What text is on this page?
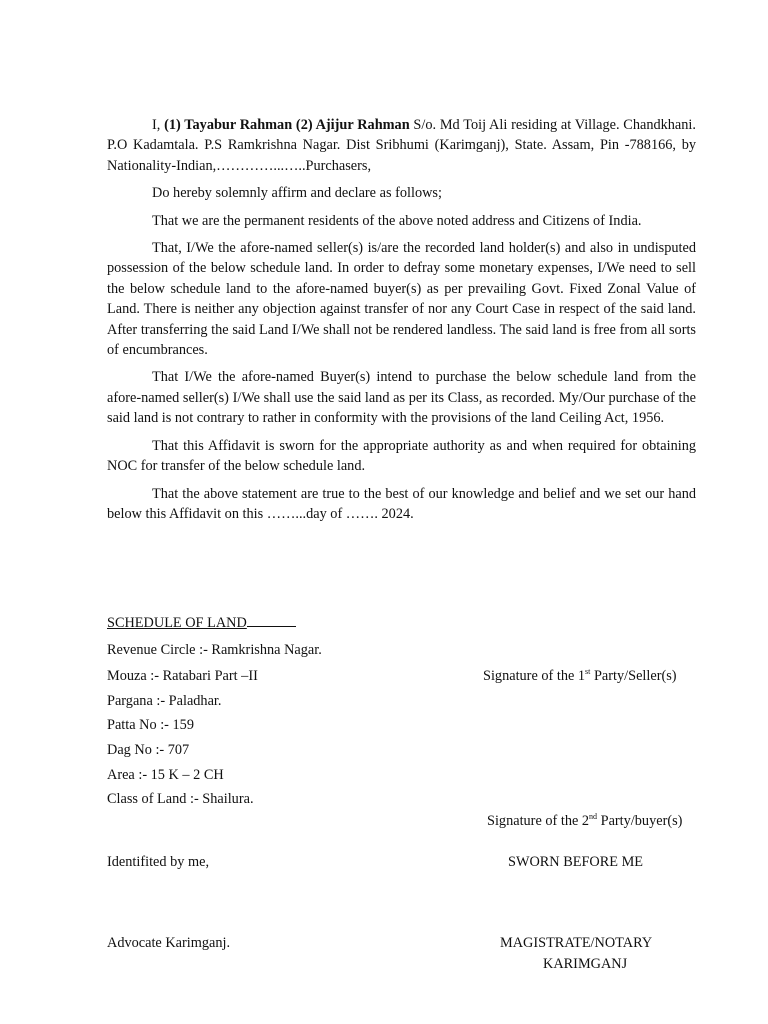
I, (1) Tayabur Rahman (2) Ajijur Rahman S/o. Md Toij Ali residing at Village. Chandkhani. P.O Kadamtala. P.S Ramkrishna Nagar. Dist Sribhumi (Karimganj), State. Assam, Pin -788166, by Nationality-Indian,…………...…..Purchasers,

Do hereby solemnly affirm and declare as follows;

That we are the permanent residents of the above noted address and Citizens of India.

That, I/We the afore-named seller(s) is/are the recorded land holder(s) and also in undisputed possession of the below schedule land. In order to defray some monetary expenses, I/We need to sell the below schedule land to the afore-named buyer(s) as per prevailing Govt. Fixed Zonal Value of Land. There is neither any objection against transfer of nor any Court Case in respect of the said land. After transferring the said Land I/We shall not be rendered landless. The said land is free from all sorts of encumbrances.

That I/We the afore-named Buyer(s) intend to purchase the below schedule land from the afore-named seller(s) I/We shall use the said land as per its Class, as recorded. My/Our purchase of the said land is not contrary to rather in conformity with the provisions of the land Ceiling Act, 1956.

That this Affidavit is sworn for the appropriate authority as and when required for obtaining NOC for transfer of the below schedule land.

That the above statement are true to the best of our knowledge and belief and we set our hand below this Affidavit on this ……...day of ……. 2024.

SCHEDULE OF LAND
Revenue Circle :- Ramkrishna Nagar.
Mouza :- Ratabari Part –II
Pargana :- Paladhar.
Patta No :- 159
Dag No :- 707
Area :- 15 K – 2 CH
Class of Land :- Shailura.
Signature of the 1st Party/Seller(s)
Signature of the 2nd Party/buyer(s)
Identifited by me,	SWORN BEFORE ME
Advocate Karimganj.	MAGISTRATE/NOTARY
KARIMGANJ
